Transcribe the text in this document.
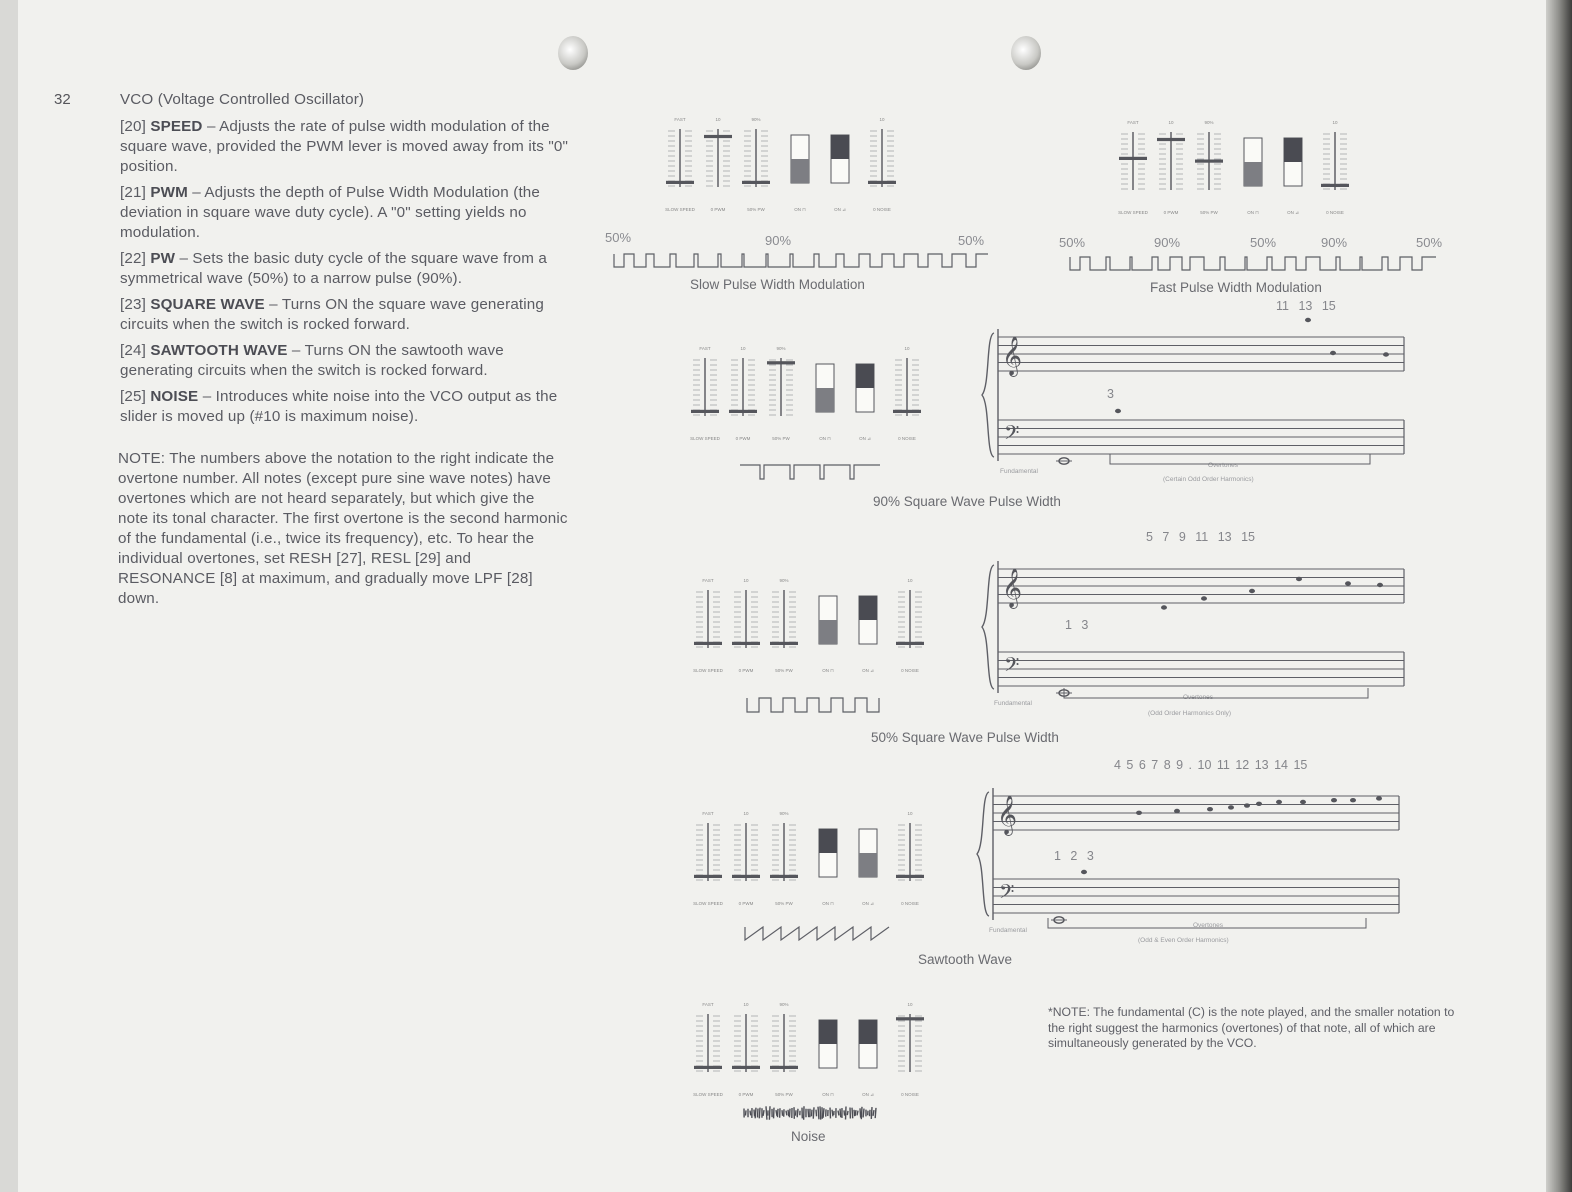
32	VCO (Voltage Controlled Oscillator)
[20] SPEED – Adjusts the rate of pulse width modulation of the square wave, provided the PWM lever is moved away from its "0" position.
[21] PWM – Adjusts the depth of Pulse Width Modulation (the deviation in square wave duty cycle). A "0" setting yields no modulation.
[22] PW – Sets the basic duty cycle of the square wave from a symmetrical wave (50%) to a narrow pulse (90%).
[23] SQUARE WAVE – Turns ON the square wave generating circuits when the switch is rocked forward.
[24] SAWTOOTH WAVE – Turns ON the sawtooth wave generating circuits when the switch is rocked forward.
[25] NOISE – Introduces white noise into the VCO output as the slider is moved up (#10 is maximum noise).
NOTE: The numbers above the notation to the right indicate the overtone number. All notes (except pure sine wave notes) have overtones which are not heard separately, but which give the note its tonal character. The first overtone is the second harmonic of the fundamental (i.e., twice its frequency), etc. To hear the individual overtones, set RESH [27], RESL [29] and RESONANCE [8] at maximum, and gradually move LPF [28] down.
FAST
SLOW SPEED
10
0 PWM
90%
50% PW	ON ⊓	ON ⊿
10
0 NOISE
50%	90%	50%
Slow Pulse Width Modulation
FAST
SLOW SPEED
10
0 PWM
90%
50% PW	ON ⊓	ON ⊿
10
0 NOISE
50%	90%	50%	90%	50%
Fast Pulse Width Modulation
FAST
SLOW SPEED
10
0 PWM
90%
50% PW	ON ⊓	ON ⊿
10
0 NOISE
11 13 15
3
𝄞
𝄢
Fundamental
Overtones
(Certain Odd Order Harmonics)
90% Square Wave Pulse Width
FAST
SLOW SPEED
10
0 PWM
90%
50% PW	ON ⊓	ON ⊿
10
0 NOISE
5 7 9 11 13 15
1 3
𝄞
𝄢
Fundamental
Overtones
(Odd Order Harmonics Only)
50% Square Wave Pulse Width
FAST
SLOW SPEED
10
0 PWM
90%
50% PW	ON ⊓	ON ⊿
10
0 NOISE
4 5 6 7 8 9 . 10 11 12 13 14 15
1 2 3
𝄞
𝄢
Fundamental
Overtones
(Odd & Even Order Harmonics)
Sawtooth Wave
FAST
SLOW SPEED
10
0 PWM
90%
50% PW	ON ⊓	ON ⊿
10
0 NOISE
Noise
*NOTE: The fundamental (C) is the note played, and the smaller notation to the right suggest the harmonics (overtones) of that note, all of which are simultaneously generated by the VCO.
